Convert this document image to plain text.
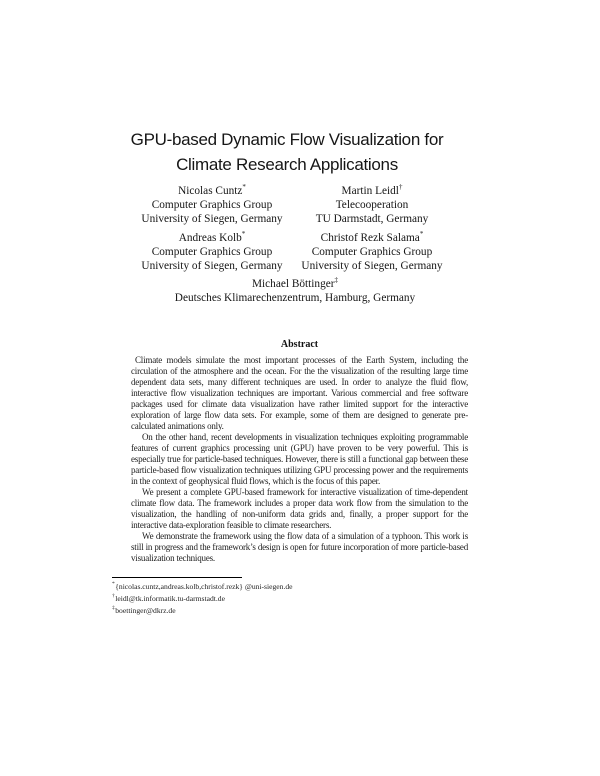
GPU-based Dynamic Flow Visualization for
Climate Research Applications
Nicolas Cuntz*
Computer Graphics Group
University of Siegen, Germany
Martin Leidl†
Telecooperation
TU Darmstadt, Germany
Andreas Kolb*
Computer Graphics Group
University of Siegen, Germany
Christof Rezk Salama*
Computer Graphics Group
University of Siegen, Germany
Michael Böttinger‡
Deutsches Klimarechenzentrum, Hamburg, Germany
Abstract

Climate models simulate the most important processes of the Earth System, including the circulation of the atmosphere and the ocean. For the the visualization of the resulting large time dependent data sets, many different techniques are used. In order to analyze the fluid flow, interactive flow visualization techniques are important. Various commercial and free software packages used for climate data visualization have rather limited support for the interactive exploration of large flow data sets. For example, some of them are designed to generate pre-calculated animations only.

On the other hand, recent developments in visualization techniques exploiting programmable features of current graphics processing unit (GPU) have proven to be very powerful. This is especially true for particle-based techniques. However, there is still a functional gap between these particle-based flow visualization techniques utilizing GPU processing power and the requirements in the context of geophysical fluid flows, which is the focus of this paper.

We present a complete GPU-based framework for interactive visualization of time-dependent climate flow data. The framework includes a proper data work flow from the simulation to the visualization, the handling of non-uniform data grids and, finally, a proper support for the interactive data-exploration feasible to climate researchers.

We demonstrate the framework using the flow data of a simulation of a typhoon. This work is still in progress and the framework’s design is open for future incorporation of more particle-based visualization techniques.

*{nicolas.cuntz,andreas.kolb,christof.rezk} @uni-siegen.de
†leidl@tk.informatik.tu-darmstadt.de
‡boettinger@dkrz.de
